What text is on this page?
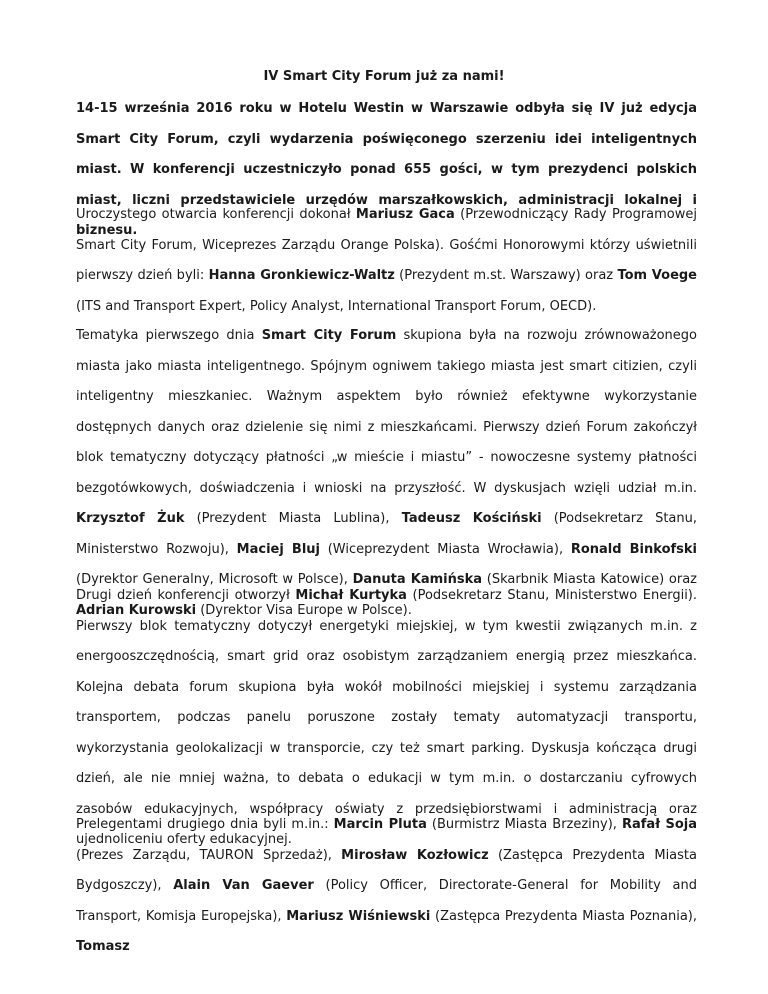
IV Smart City Forum już za nami!

14-15 września 2016 roku w Hotelu Westin w Warszawie odbyła się IV już edycja Smart City Forum, czyli wydarzenia poświęconego szerzeniu idei inteligentnych miast. W konferencji uczestniczyło ponad 655 gości, w tym prezydenci polskich miast, liczni przedstawiciele urzędów marszałkowskich, administracji lokalnej i biznesu.

Uroczystego otwarcia konferencji dokonał Mariusz Gaca (Przewodniczący Rady Programowej Smart City Forum, Wiceprezes Zarządu Orange Polska). Gośćmi Honorowymi którzy uświetnili pierwszy dzień byli: Hanna Gronkiewicz-Waltz (Prezydent m.st. Warszawy) oraz Tom Voege (ITS and Transport Expert, Policy Analyst, International Transport Forum, OECD).

Tematyka pierwszego dnia Smart City Forum skupiona była na rozwoju zrównoważonego miasta jako miasta inteligentnego. Spójnym ogniwem takiego miasta jest smart citizien, czyli inteligentny mieszkaniec. Ważnym aspektem było również efektywne wykorzystanie dostępnych danych oraz dzielenie się nimi z mieszkańcami. Pierwszy dzień Forum zakończył blok tematyczny dotyczący płatności „w mieście i miastu” - nowoczesne systemy płatności bezgotówkowych, doświadczenia i wnioski na przyszłość. W dyskusjach wzięli udział m.in. Krzysztof Żuk (Prezydent Miasta Lublina), Tadeusz Kościński (Podsekretarz Stanu, Ministerstwo Rozwoju), Maciej Bluj (Wiceprezydent Miasta Wrocławia), Ronald Binkofski (Dyrektor Generalny, Microsoft w Polsce), Danuta Kamińska (Skarbnik Miasta Katowice) oraz Adrian Kurowski (Dyrektor Visa Europe w Polsce).

Drugi dzień konferencji otworzył Michał Kurtyka (Podsekretarz Stanu, Ministerstwo Energii). Pierwszy blok tematyczny dotyczył energetyki miejskiej, w tym kwestii związanych m.in. z energooszczędnością, smart grid oraz osobistym zarządzaniem energią przez mieszkańca. Kolejna debata forum skupiona była wokół mobilności miejskiej i systemu zarządzania transportem, podczas panelu poruszone zostały tematy automatyzacji transportu, wykorzystania geolokalizacji w transporcie, czy też smart parking. Dyskusja kończąca drugi dzień, ale nie mniej ważna, to debata o edukacji w tym m.in. o dostarczaniu cyfrowych zasobów edukacyjnych, współpracy oświaty z przedsiębiorstwami i administracją oraz ujednoliceniu oferty edukacyjnej.

Prelegentami drugiego dnia byli m.in.: Marcin Pluta (Burmistrz Miasta Brzeziny), Rafał Soja (Prezes Zarządu, TAURON Sprzedaż), Mirosław Kozłowicz (Zastępca Prezydenta Miasta Bydgoszczy), Alain Van Gaever (Policy Officer, Directorate-General for Mobility and Transport, Komisja Europejska), Mariusz Wiśniewski (Zastępca Prezydenta Miasta Poznania), Tomasz
